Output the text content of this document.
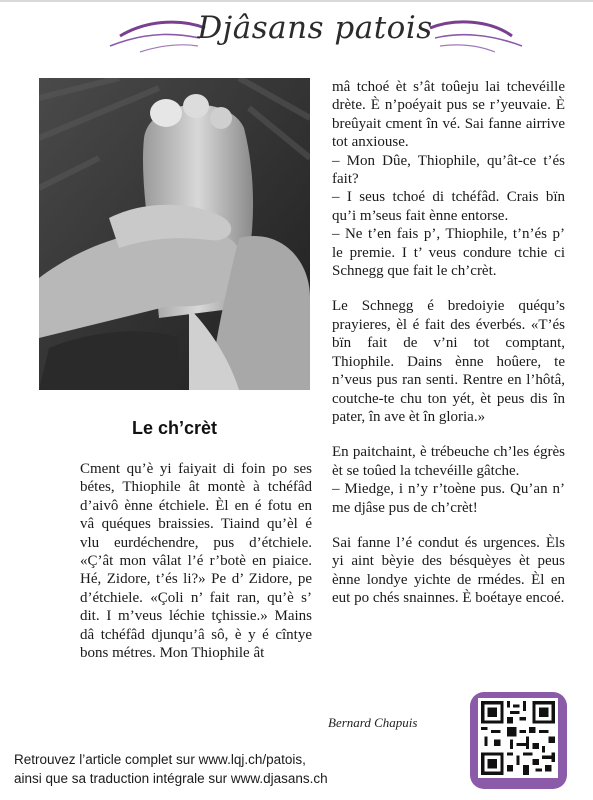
Djâsans patois
Le ch’crèt

Cment qu’è yi faiyait di foin po ses bétes, Thiophile ât montè à tchéfâd d’aivô ènne étchiele. Èl en é fotu en vâ quéques braissies. Tiaind qu’èl é vlu eurdéchendre, pus d’étchiele. «Ç’ât mon vâlat l’é r’botè en piaice. Hé, Zidore, t’és li?» Pe d’ Zidore, pe d’étchiele. «Çoli n’ fait ran, qu’è s’ dit. I m’veus léchie tçhissie.» Mains dâ tchéfâd djunqu’â sô, è y é cîntye bons métres. Mon Thiophile ât

mâ tchoé èt s’ât toûeju lai tchevéille drète. È n’poéyait pus se r’yeuvaie. È breûyait cment în vé. Sai fanne airrive tot anxiouse.

– Mon Dûe, Thiophile, qu’ât-ce t’és fait?

– I seus tchoé di tchéfâd. Crais bïn qu’i m’seus fait ènne entorse.

– Ne t’en fais p’, Thiophile, t’n’és p’ le premie. I t’ veus condure tchie ci Schnegg que fait le ch’crèt.

Le Schnegg é bredoiyie quéqu’s prayieres, èl é fait des éverbés. «T’és bïn fait de v’ni tot comptant, Thiophile. Dains ènne hoûere, te n’veus pus ran senti. Rentre en l’hôtâ, coutche-te chu ton yét, èt peus dis în pater, în ave èt în gloria.»

En paitchaint, è trébeuche ch’les égrès èt se toûed la tchevéille gâtche.

– Miedge, i n’y r’toène pus. Qu’an n’ me djâse pus de ch’crèt!

Sai fanne l’é condut és urgences. Èls yi aint bèyie des bésquèyes èt peus ènne londye yichte de rmédes. Èl en eut po chés snainnes. È boétaye encoé.

Bernard Chapuis
Retrouvez l’article complet sur www.lqj.ch/patois,
ainsi que sa traduction intégrale sur www.djasans.ch
